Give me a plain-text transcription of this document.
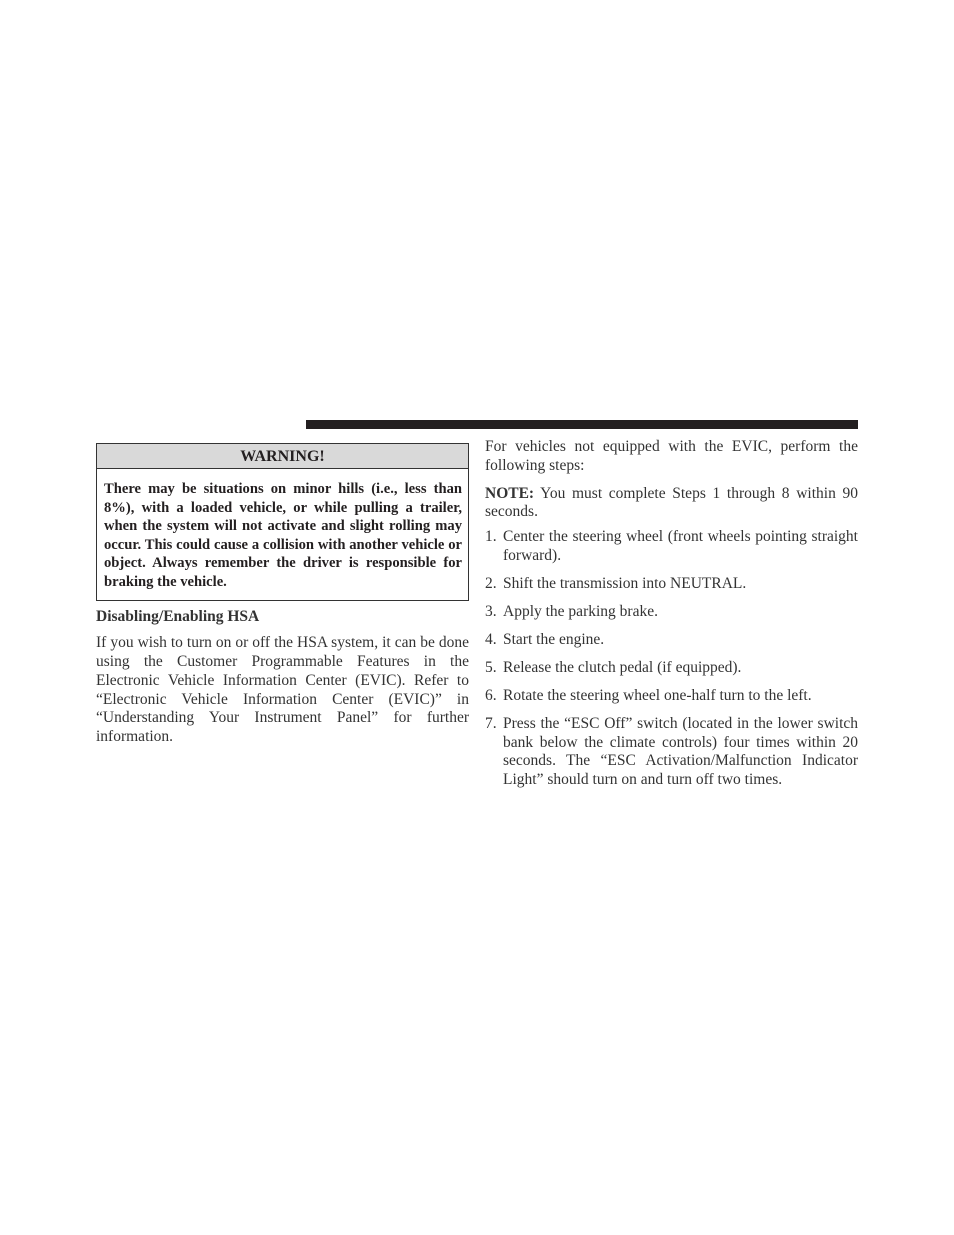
WARNING!
There may be situations on minor hills (i.e., less than 8%), with a loaded vehicle, or while pulling a trailer, when the system will not activate and slight rolling may occur. This could cause a collision with another vehicle or object. Always remember the driver is responsible for braking the vehicle.
Disabling/Enabling HSA

If you wish to turn on or off the HSA system, it can be done using the Customer Programmable Features in the Electronic Vehicle Information Center (EVIC). Refer to “Electronic Vehicle Information Center (EVIC)” in “Understanding Your Instrument Panel” for further information.

For vehicles not equipped with the EVIC, perform the following steps:

NOTE: You must complete Steps 1 through 8 within 90 seconds.

1. Center the steering wheel (front wheels pointing straight forward).
2. Shift the transmission into NEUTRAL.
3. Apply the parking brake.
4. Start the engine.
5. Release the clutch pedal (if equipped).
6. Rotate the steering wheel one-half turn to the left.
7. Press the “ESC Off” switch (located in the lower switch bank below the climate controls) four times within 20 seconds. The “ESC Activation/Malfunction Indicator Light” should turn on and turn off two times.
